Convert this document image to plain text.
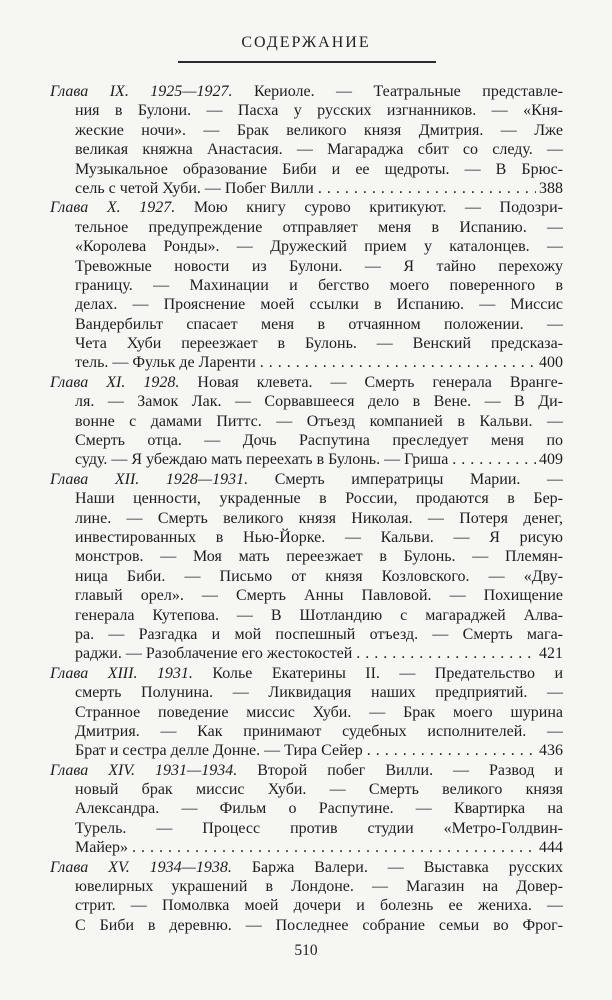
СОДЕРЖАНИЕ
Глава IX. 1925—1927. Кериоле. — Театральные представле-
ния в Булони. — Пасха у русских изгнанников. — «Кня-
жеские ночи». — Брак великого князя Дмитрия. — Лже
великая княжна Анастасия. — Магараджа сбит со следу. —
Музыкальное образование Биби и ее щедроты. — В Брюс-
сель с четой Хуби. — Побег Вилли .....	388
Глава X. 1927. Мою книгу сурово критикуют. — Подозри-
тельное предупреждение отправляет меня в Испанию. —
«Королева Ронды». — Дружеский прием у каталонцев. —
Тревожные новости из Булони. — Я тайно перехожу
границу. — Махинации и бегство моего поверенного в
делах. — Прояснение моей ссылки в Испанию. — Миссис
Вандербильт спасает меня в отчаянном положении. —
Чета Хуби переезжает в Булонь. — Венский предсказа-
тель. — Фульк де Ларенти .....	400
Глава XI. 1928. Новая клевета. — Смерть генерала Вранге-
ля. — Замок Лак. — Сорвавшееся дело в Вене. — В Ди-
вонне с дамами Питтс. — Отъезд компанией в Кальви. —
Смерть отца. — Дочь Распутина преследует меня по
суду. — Я убеждаю мать переехать в Булонь. — Гриша .....	409
Глава XII. 1928—1931. Смерть императрицы Марии. —
Наши ценности, украденные в России, продаются в Бер-
лине. — Смерть великого князя Николая. — Потеря денег,
инвестированных в Нью-Йорке. — Кальви. — Я рисую
монстров. — Моя мать переезжает в Булонь. — Племян-
ница Биби. — Письмо от князя Козловского. — «Дву-
главый орел». — Смерть Анны Павловой. — Похищение
генерала Кутепова. — В Шотландию с магараджей Алва-
ра. — Разгадка и мой поспешный отъезд. — Смерть мага-
раджи. — Разоблачение его жестокостей .....	421
Глава XIII. 1931. Колье Екатерины II. — Предательство и
смерть Полунина. — Ликвидация наших предприятий. —
Странное поведение миссис Хуби. — Брак моего шурина
Дмитрия. — Как принимают судебных исполнителей. —
Брат и сестра делле Донне. — Тира Сейер .....	436
Глава XIV. 1931—1934. Второй побег Вилли. — Развод и
новый брак миссис Хуби. — Смерть великого князя
Александра. — Фильм о Распутине. — Квартирка на
Турель. — Процесс против студии «Метро-Голдвин-
Майер» .....	444
Глава XV. 1934—1938. Баржа Валери. — Выставка русских
ювелирных украшений в Лондоне. — Магазин на Довер-
стрит. — Помолвка моей дочери и болезнь ее жениха. —
С Биби в деревню. — Последнее собрание семьи во Фрог-
510
